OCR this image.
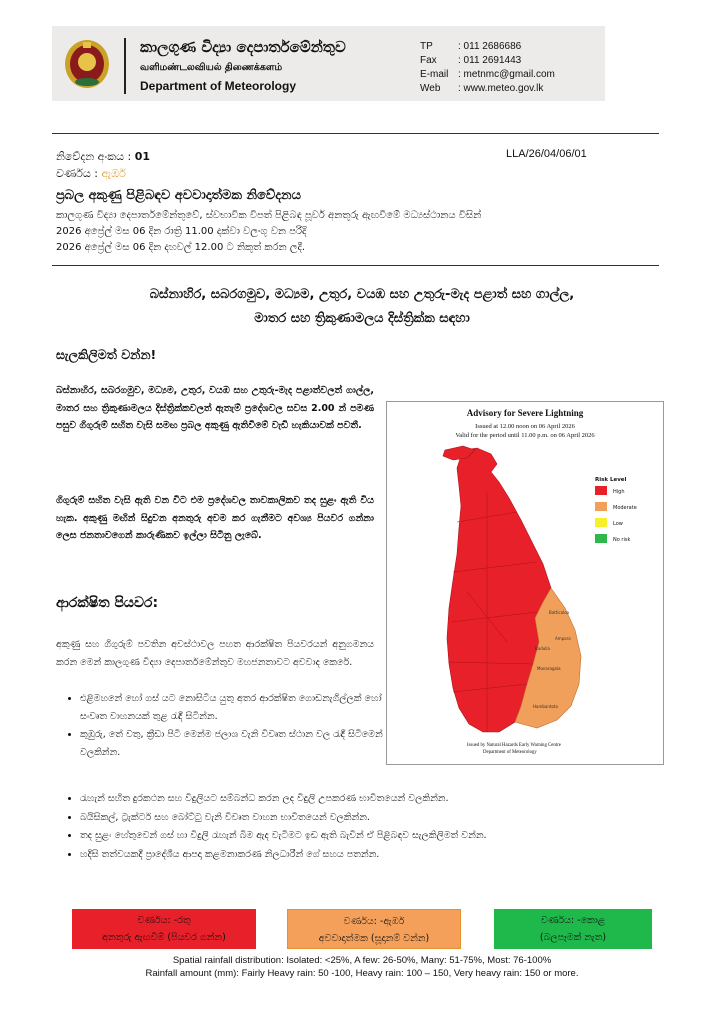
කාලගුණ විද්‍යා දෙපාර්තමේන්තුව
வளிமண்டலவியல் திணைக்களம்
Department of Meteorology
TP	: 011 2686686
Fax	: 011 2691443
E-mail : metnmc@gmail.com
Web	: www.meteo.gov.lk
නිවේදන අංකය : 01
වර්ණය : ඇඹර්
LLA/26/04/06/01
ප්‍රබල අකුණු පිළිබඳව අවවාදාත්මක නිවේදනය
කාලගුණ විද්‍යා දෙපාර්තමේන්තුවේ, ස්වභාවික විපත් පිළිබඳ පූර්ව අනතුරු ඇඟවීමේ මධ්‍යස්ථානය විසින්
2026 අප්‍රේල් මස 06 දින රාත්‍රි 11.00 දක්වා වලංගු වන පරිදි
2026 අප්‍රේල් මස 06 දින දහවල් 12.00 ට නිකුත් කරන ලදී.
බස්නාහිර, සබරගමුව, මධ්‍යම, උතුර, වයඹ සහ උතුරු-මැද පළාත් සහ ගාල්ල,
මාතර සහ ත්‍රිකුණාමලය දිස්ත්‍රික්ක සඳහා
සැලකිලිමත් වන්න!
බස්නාහිර, සබරගමුව, මධ්‍යම, උතුර, වයඹ සහ උතුරු-මැද පළාත්වලත් ගාල්ල, මාතර සහ ත්‍රිකුණාමලය දිස්ත්‍රික්කවලත් ඇතැම් ප්‍රදේශවල සවස 2.00 න් පමණ පසුව ගිගුරුම් සහිත වැසි සමඟ ප්‍රබල අකුණු ඇතිවීමේ වැඩි හැකියාවක් පවතී.
ගිගුරුම් සහිත වැසි ඇති වන විට එම ප්‍රදේශවල තාවකාලිකව තද සුළං ඇති විය හැක. අකුණු මඟින් සිදුවන අනතුරු අවම කර ගැනීමට අවශ්‍ය පියවර ගන්නා ලෙස ජනතාවගෙන් කාරුණිකව ඉල්ලා සිටිනු ලැබේ.
ආරක්ෂිත පියවර:
අකුණු සහ ගිගුරුම් පවතින අවස්ථාවල පහත ආරක්ෂිත පියවරයන් අනුගමනය කරන මෙන් කාලගුණ විද්‍යා දෙපාර්තමේන්තුව මහජනතාවට අවවාද කෙරේ.
• එළිමහනේ හෝ ගස් යට නොසිටිය යුතු අතර ආරක්ෂිත ගොඩනැගිල්ලක් හෝ සංවෘත වාහනයක් තුළ රැඳී සිටින්න.
• කුඹුරු, තේ වතු, ක්‍රීඩා පිටි මෙන්ම ජලාශ වැනි විවෘත ස්ථාන වල රැඳී සිටීමෙන් වලකින්න.
• රැහැන් සහිත දුරකථන සහ විදුලියට සම්බන්ධ කරන ලද විදුලි උපකරණ භාවිතයෙන් වලකින්න.
• බයිසිකල්, ට්‍රැක්ටර් සහ බෝට්ටු වැනි විවෘත වාහන භාවිතයෙන් වලකින්න.
• තද සුළං හේතුවෙන් ගස් හා විදුලි රැහැන් බිම ඇද වැටීමට ඉඩ ඇති බැවින් ඒ පිළිබඳව සැලකිලිමත් වන්න.
• හදිසි තත්වයකදී ප්‍රාදේශීය ආපදා කළමනාකරණ නිලධාරීන් ගේ සහය පතන්න.
Advisory for Severe Lightning
Issued at 12.00 noon on 06 April 2026
Valid for the period until 11.00 p.m. on 06 April 2026
Batticaloa
Ampara
Monaragala
Badulla
Hambantota
Risk Level
High
Moderate
Low
No risk
Issued by Natural Hazards Early Warning Centre
Department of Meteorology
වර්ණය: -රතු
අනතුරු ඇඟවීම් (පියවර ගන්න)
වර්ණය: -ඇඹර්
අවවාදාත්මක (සූදානම් වන්න)
වර්ණය: -කොළ
(බලපෑමක් නැත)
Spatial rainfall distribution: Isolated: <25%, A few: 26-50%, Many: 51-75%, Most: 76-100%
Rainfall amount (mm): Fairly Heavy rain: 50 -100, Heavy rain: 100 – 150, Very heavy rain: 150 or more.
